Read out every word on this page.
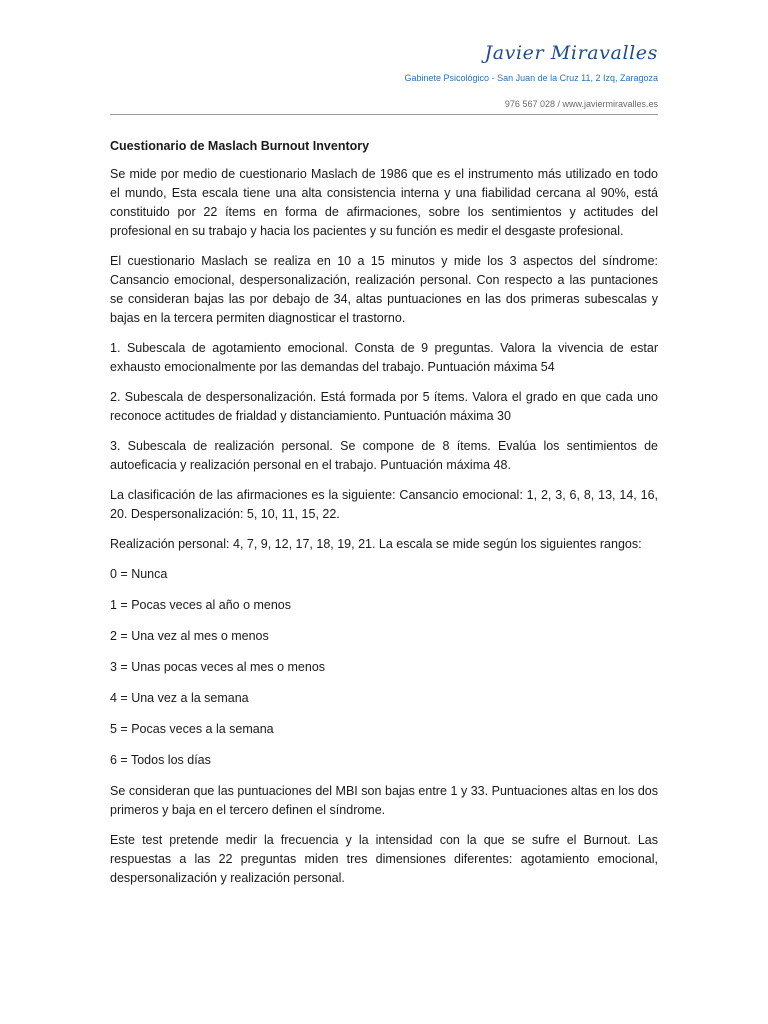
Javier Miravalles
Gabinete Psicológico - San Juan de la Cruz 11, 2 Izq, Zaragoza
976 567 028 / www.javiermiravalles.es
Cuestionario de Maslach Burnout Inventory

Se mide por medio de cuestionario Maslach de 1986 que es el instrumento más utilizado en todo el mundo, Esta escala tiene una alta consistencia interna y una fiabilidad cercana al 90%, está constituido por 22 ítems en forma de afirmaciones, sobre los sentimientos y actitudes del profesional en su trabajo y hacia los pacientes y su función es medir el desgaste profesional.

El cuestionario Maslach se realiza en 10 a 15 minutos y mide los 3 aspectos del síndrome: Cansancio emocional, despersonalización, realización personal. Con respecto a las puntaciones se consideran bajas las por debajo de 34, altas puntuaciones en las dos primeras subescalas y bajas en la tercera permiten diagnosticar el trastorno.

1. Subescala de agotamiento emocional. Consta de 9 preguntas. Valora la vivencia de estar exhausto emocionalmente por las demandas del trabajo. Puntuación máxima 54

2. Subescala de despersonalización. Está formada por 5 ítems. Valora el grado en que cada uno reconoce actitudes de frialdad y distanciamiento. Puntuación máxima 30

3. Subescala de realización personal. Se compone de 8 ítems. Evalúa los sentimientos de autoeficacia y realización personal en el trabajo. Puntuación máxima 48.

La clasificación de las afirmaciones es la siguiente: Cansancio emocional: 1, 2, 3, 6, 8, 13, 14, 16, 20. Despersonalización: 5, 10, 11, 15, 22.

Realización personal: 4, 7, 9, 12, 17, 18, 19, 21. La escala se mide según los siguientes rangos:

0 = Nunca

1 = Pocas veces al año o menos

2 = Una vez al mes o menos

3 = Unas pocas veces al mes o menos

4 = Una vez a la semana

5 = Pocas veces a la semana

6 = Todos los días

Se consideran que las puntuaciones del MBI son bajas entre 1 y 33. Puntuaciones altas en los dos primeros y baja en el tercero definen el síndrome.

Este test pretende medir la frecuencia y la intensidad con la que se sufre el Burnout. Las respuestas a las 22 preguntas miden tres dimensiones diferentes: agotamiento emocional, despersonalización y realización personal.
